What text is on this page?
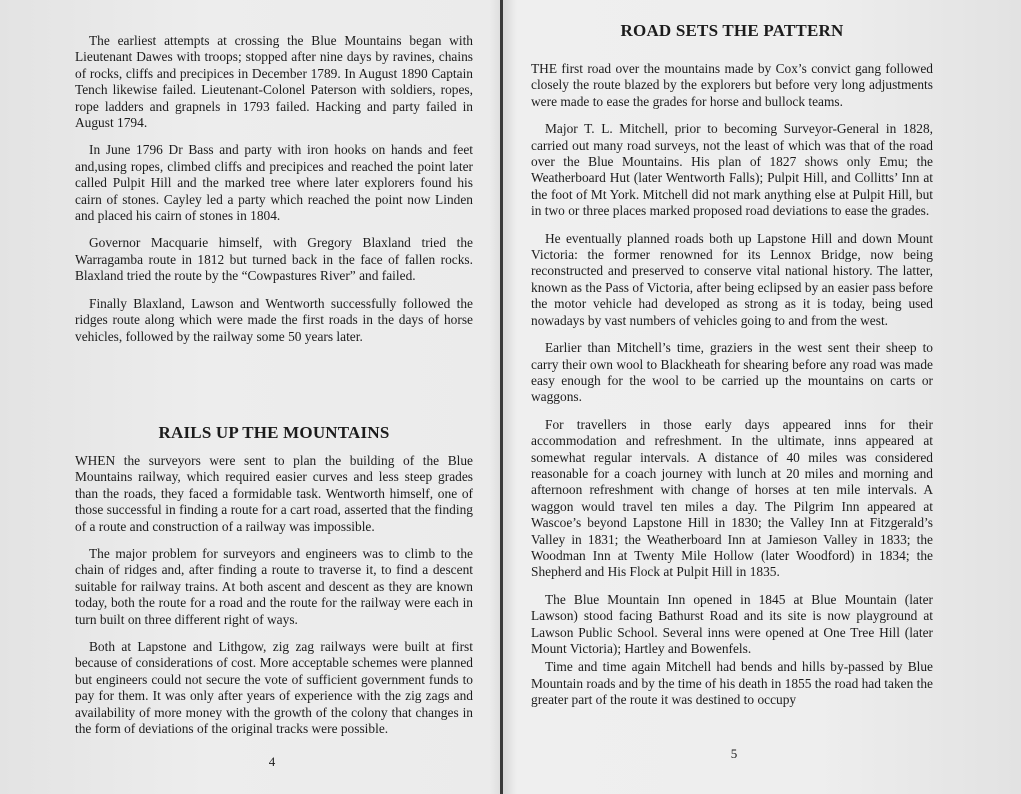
The earliest attempts at crossing the Blue Mountains began with Lieutenant Dawes with troops; stopped after nine days by ravines, chains of rocks, cliffs and precipices in December 1789. In August 1890 Captain Tench likewise failed. Lieutenant-Colonel Paterson with soldiers, ropes, rope ladders and grapnels in 1793 failed. Hacking and party failed in August 1794.

In June 1796 Dr Bass and party with iron hooks on hands and feet and,using ropes, climbed cliffs and precipices and reached the point later called Pulpit Hill and the marked tree where later explorers found his cairn of stones. Cayley led a party which reached the point now Linden and placed his cairn of stones in 1804.

Governor Macquarie himself, with Gregory Blaxland tried the Warragamba route in 1812 but turned back in the face of fallen rocks. Blaxland tried the route by the “Cowpastures River” and failed.

Finally Blaxland, Lawson and Wentworth successfully followed the ridges route along which were made the first roads in the days of horse vehicles, followed by the railway some 50 years later.

RAILS UP THE MOUNTAINS

WHEN the surveyors were sent to plan the building of the Blue Mountains railway, which required easier curves and less steep grades than the roads, they faced a formidable task. Wentworth himself, one of those successful in finding a route for a cart road, asserted that the finding of a route and construction of a railway was impossible.

The major problem for surveyors and engineers was to climb to the chain of ridges and, after finding a route to traverse it, to find a descent suitable for railway trains. At both ascent and descent as they are known today, both the route for a road and the route for the railway were each in turn built on three different right of ways.

Both at Lapstone and Lithgow, zig zag railways were built at first because of considerations of cost. More acceptable schemes were planned but engineers could not secure the vote of sufficient government funds to pay for them. It was only after years of experience with the zig zags and availability of more money with the growth of the colony that changes in the form of deviations of the original tracks were possible.

4
ROAD SETS THE PATTERN

THE first road over the mountains made by Cox’s convict gang followed closely the route blazed by the explorers but before very long adjustments were made to ease the grades for horse and bullock teams.

Major T. L. Mitchell, prior to becoming Surveyor-General in 1828, carried out many road surveys, not the least of which was that of the road over the Blue Mountains. His plan of 1827 shows only Emu; the Weatherboard Hut (later Wentworth Falls); Pulpit Hill, and Collitts’ Inn at the foot of Mt York. Mitchell did not mark anything else at Pulpit Hill, but in two or three places marked proposed road deviations to ease the grades.

He eventually planned roads both up Lapstone Hill and down Mount Victoria: the former renowned for its Lennox Bridge, now being reconstructed and preserved to conserve vital national history. The latter, known as the Pass of Victoria, after being eclipsed by an easier pass before the motor vehicle had developed as strong as it is today, being used nowadays by vast numbers of vehicles going to and from the west.

Earlier than Mitchell’s time, graziers in the west sent their sheep to carry their own wool to Blackheath for shearing before any road was made easy enough for the wool to be carried up the mountains on carts or waggons.

For travellers in those early days appeared inns for their accommodation and refreshment. In the ultimate, inns appeared at somewhat regular intervals. A distance of 40 miles was considered reasonable for a coach journey with lunch at 20 miles and morning and afternoon refreshment with change of horses at ten mile intervals. A waggon would travel ten miles a day. The Pilgrim Inn appeared at Wascoe’s beyond Lapstone Hill in 1830; the Valley Inn at Fitzgerald’s Valley in 1831; the Weatherboard Inn at Jamieson Valley in 1833; the Woodman Inn at Twenty Mile Hollow (later Woodford) in 1834; the Shepherd and His Flock at Pulpit Hill in 1835.

The Blue Mountain Inn opened in 1845 at Blue Mountain (later Lawson) stood facing Bathurst Road and its site is now playground at Lawson Public School. Several inns were opened at One Tree Hill (later Mount Victoria); Hartley and Bowenfels.

Time and time again Mitchell had bends and hills by-passed by Blue Mountain roads and by the time of his death in 1855 the road had taken the greater part of the route it was destined to occupy

5
